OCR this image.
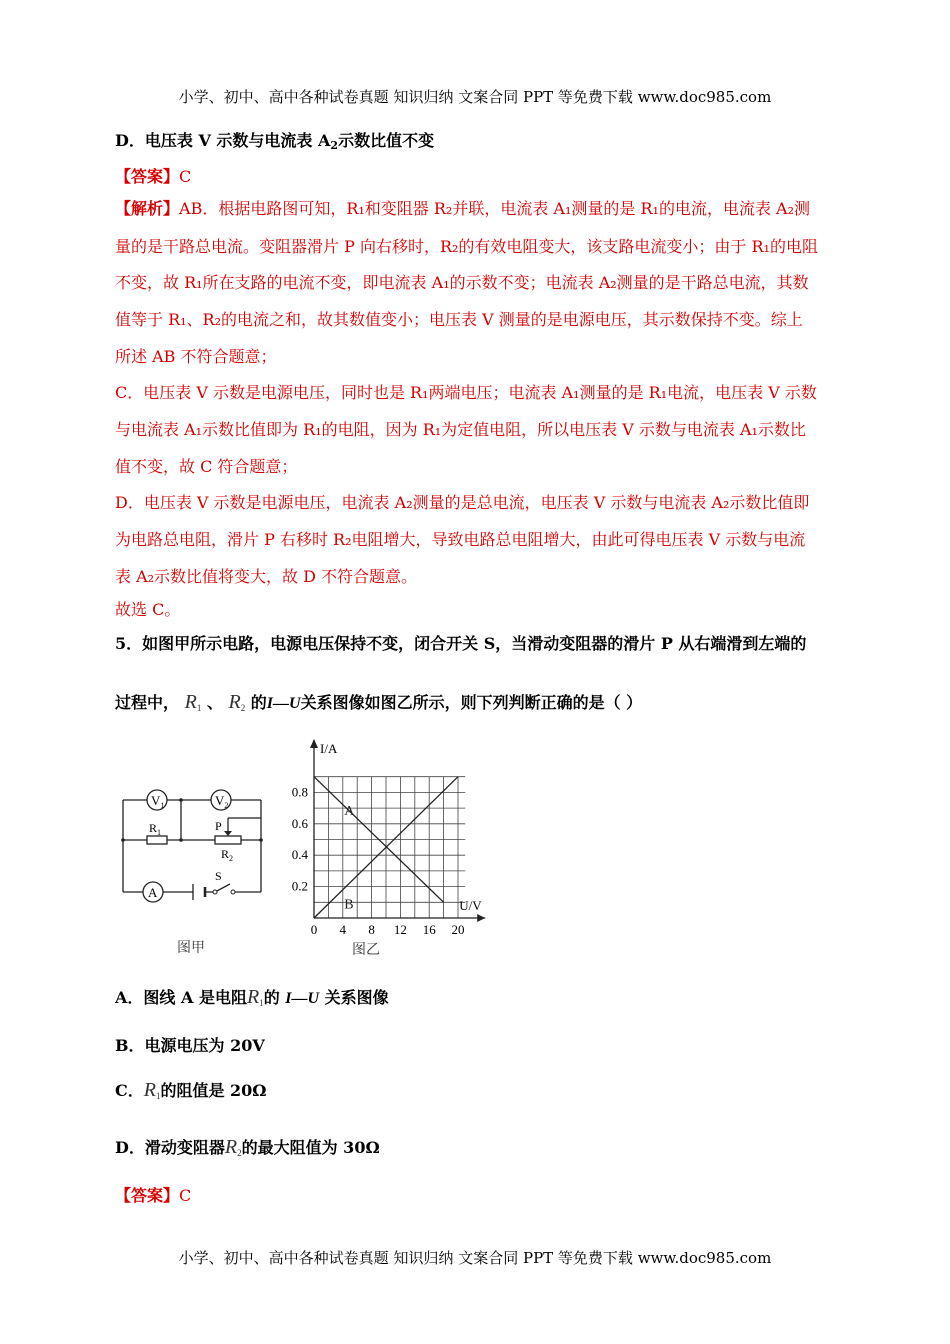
小学、初中、高中各种试卷真题 知识归纳 文案合同 PPT 等免费下载 www.doc985.com
D．电压表 V 示数与电流表 $A_2$示数比值不变
【答案】C
【解析】AB．根据电路图可知，R₁和变阻器 R₂并联，电流表 A₁测量的是 R₁的电流，电流表 A₂测
量的是干路总电流。变阻器滑片 P 向右移时，R₂的有效电阻变大，该支路电流变小；由于 R₁的电阻
不变，故 R₁所在支路的电流不变，即电流表 A₁的示数不变；电流表 A₂测量的是干路总电流，其数
值等于 R₁、R₂的电流之和，故其数值变小；电压表 V 测量的是电源电压，其示数保持不变。综上
所述 AB 不符合题意；
C．电压表 V 示数是电源电压，同时也是 R₁两端电压；电流表 A₁测量的是 R₁电流，电压表 V 示数
与电流表 A₁示数比值即为 R₁的电阻，因为 R₁为定值电阻，所以电压表 V 示数与电流表 A₁示数比
值不变，故 C 符合题意；
D．电压表 V 示数是电源电压，电流表 A₂测量的是总电流，电压表 V 示数与电流表 A₂示数比值即
为电路总电阻，滑片 P 右移时 R₂电阻增大，导致电路总电阻增大，由此可得电压表 V 示数与电流
表 A₂示数比值将变大，故 D 不符合题意。
故选 C。
5．如图甲所示电路，电源电压保持不变，闭合开关 S，当滑动变阻器的滑片 P 从右端滑到左端的
过程中， $R_1$ 、 $R_2$ 的I—U关系图像如图乙所示，则下列判断正确的是（ ）
$V_1$	$V_2$
$R_1$	P
$R_2$
S
A
图甲
I/A
U/V
0 4 8 12 16 20
0.2
0.4
0.6
0.8
A
B
图乙
A．图线 A 是电阻$R_1$的 I—U 关系图像
B．电源电压为 20V
C．$R_1$的阻值是 20Ω
D．滑动变阻器$R_2$的最大阻值为 30Ω
【答案】C
小学、初中、高中各种试卷真题 知识归纳 文案合同 PPT 等免费下载 www.doc985.com
